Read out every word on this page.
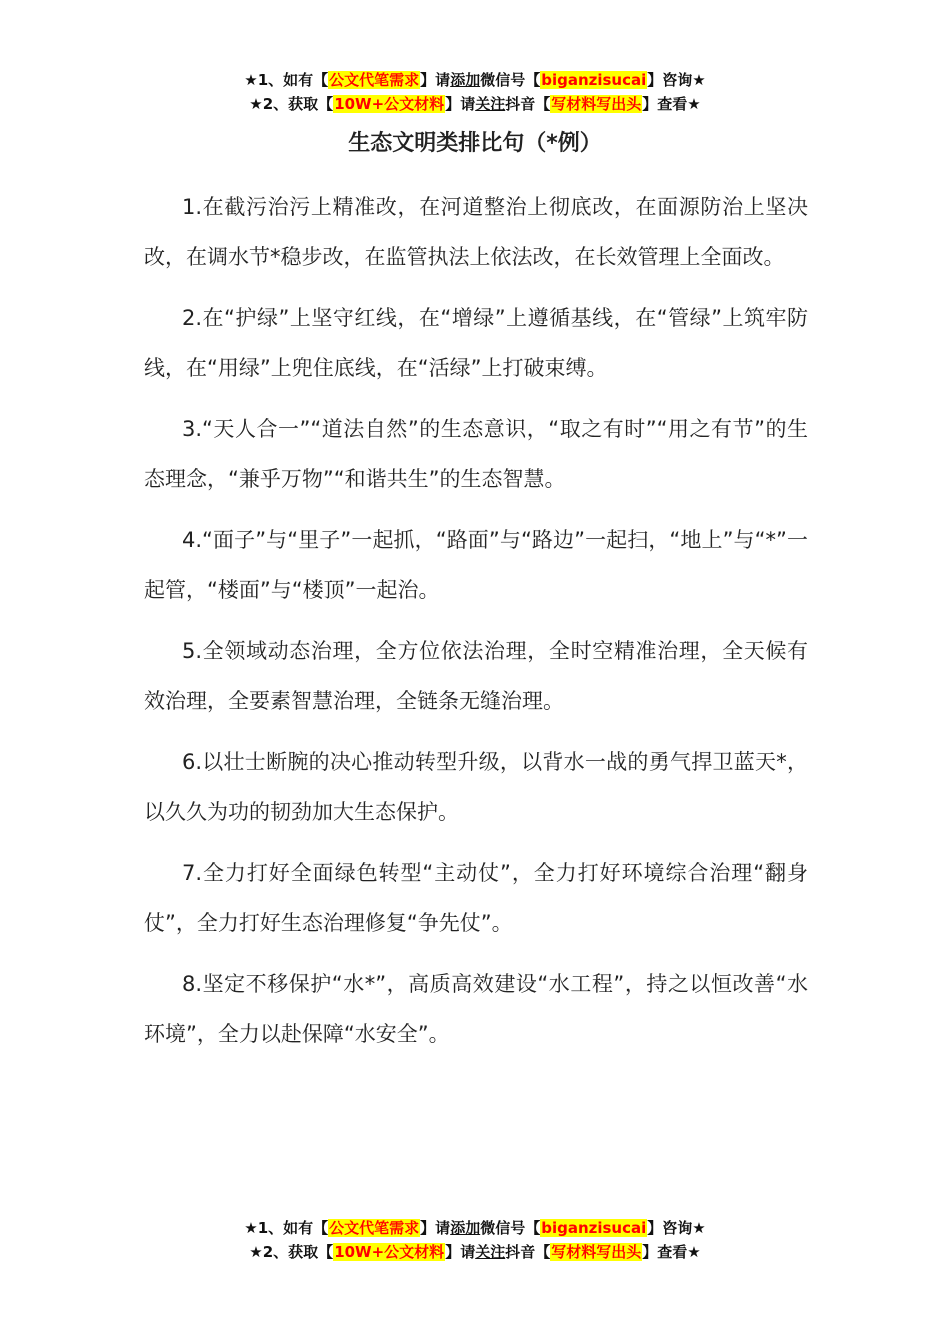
★1、如有【公文代笔需求】请添加微信号【biganzisucai】咨询★
★2、获取【10W+公文材料】请关注抖音【写材料写出头】查看★
生态文明类排比句（*例）

1.在截污治污上精准改，在河道整治上彻底改，在面源防治上坚决改，在调水节*稳步改，在监管执法上依法改，在长效管理上全面改。

2.在“护绿”上坚守红线，在“增绿”上遵循基线，在“管绿”上筑牢防线，在“用绿”上兜住底线，在“活绿”上打破束缚。

3.“天人合一”“道法自然”的生态意识，“取之有时”“用之有节”的生态理念，“兼乎万物”“和谐共生”的生态智慧。

4.“面子”与“里子”一起抓，“路面”与“路边”一起扫，“地上”与“*”一起管，“楼面”与“楼顶”一起治。

5.全领域动态治理，全方位依法治理，全时空精准治理，全天候有效治理，全要素智慧治理，全链条无缝治理。

6.以壮士断腕的决心推动转型升级，以背水一战的勇气捍卫蓝天*，以久久为功的韧劲加大生态保护。

7.全力打好全面绿色转型“主动仗”，全力打好环境综合治理“翻身仗”，全力打好生态治理修复“争先仗”。

8.坚定不移保护“水*”，高质高效建设“水工程”，持之以恒改善“水环境”，全力以赴保障“水安全”。

★1、如有【公文代笔需求】请添加微信号【biganzisucai】咨询★
★2、获取【10W+公文材料】请关注抖音【写材料写出头】查看★
